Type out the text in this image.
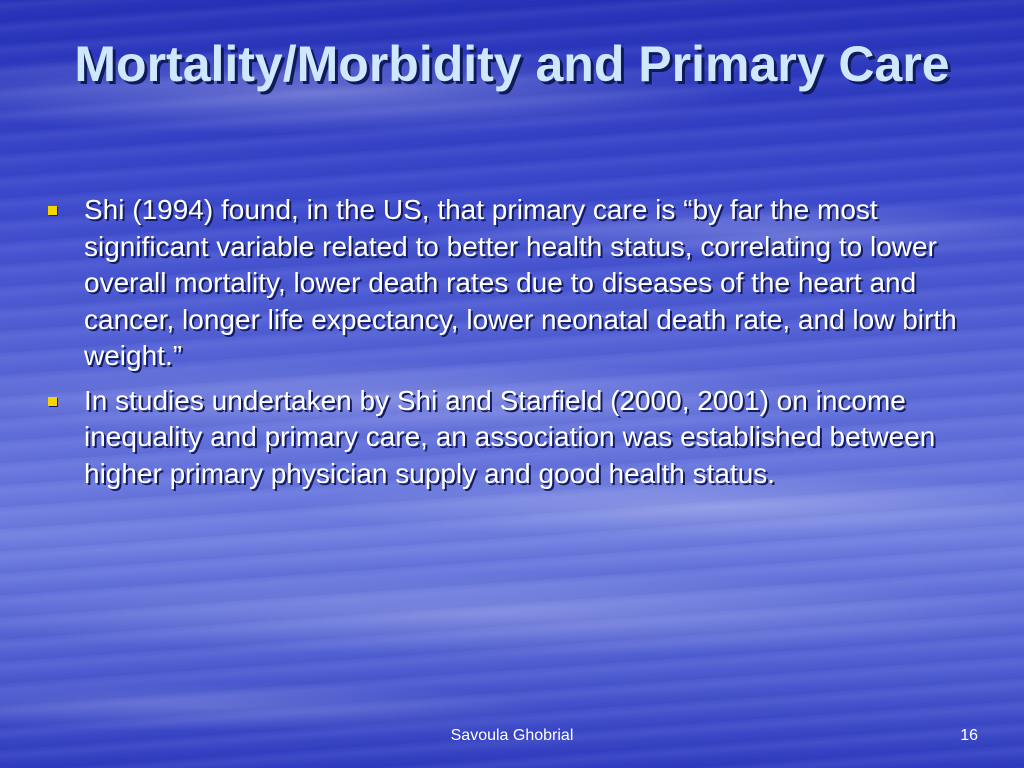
Mortality/Morbidity and Primary Care
Shi (1994) found, in the US, that primary care is “by far the most significant variable related to better health status, correlating to lower overall mortality, lower death rates due to diseases of the heart and cancer, longer life expectancy, lower neonatal death rate, and low birth weight.”
In studies undertaken by Shi and Starfield (2000, 2001) on income inequality and primary care, an association was established between higher primary physician supply and good health status.
Savoula Ghobrial	16
